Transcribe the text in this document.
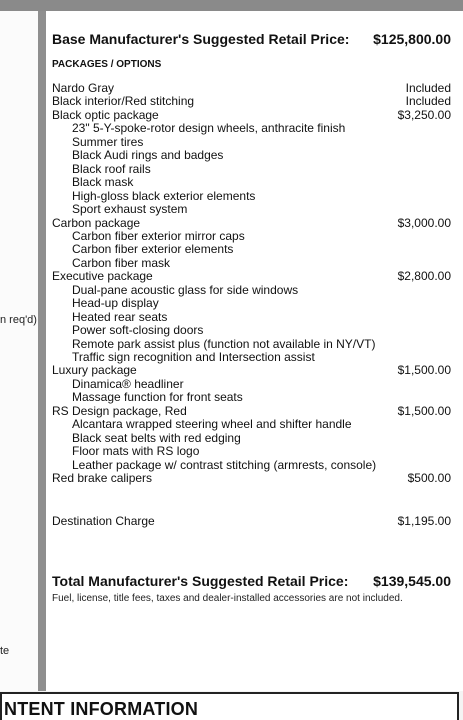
n req'd)
te
Base Manufacturer's Suggested Retail Price: $125,800.00
PACKAGES / OPTIONS
Nardo Gray	Included
Black interior/Red stitching	Included
Black optic package	$3,250.00
23" 5-Y-spoke-rotor design wheels, anthracite finish
Summer tires
Black Audi rings and badges
Black roof rails
Black mask
High-gloss black exterior elements
Sport exhaust system
Carbon package	$3,000.00
Carbon fiber exterior mirror caps
Carbon fiber exterior elements
Carbon fiber mask
Executive package	$2,800.00
Dual-pane acoustic glass for side windows
Head-up display
Heated rear seats
Power soft-closing doors
Remote park assist plus (function not available in NY/VT)
Traffic sign recognition and Intersection assist
Luxury package	$1,500.00
Dinamica® headliner
Massage function for front seats
RS Design package, Red	$1,500.00
Alcantara wrapped steering wheel and shifter handle
Black seat belts with red edging
Floor mats with RS logo
Leather package w/ contrast stitching (armrests, console)
Red brake calipers	$500.00
Destination Charge	$1,195.00
Total Manufacturer's Suggested Retail Price: $139,545.00
Fuel, license, title fees, taxes and dealer-installed accessories are not included.
NTENT INFORMATION
